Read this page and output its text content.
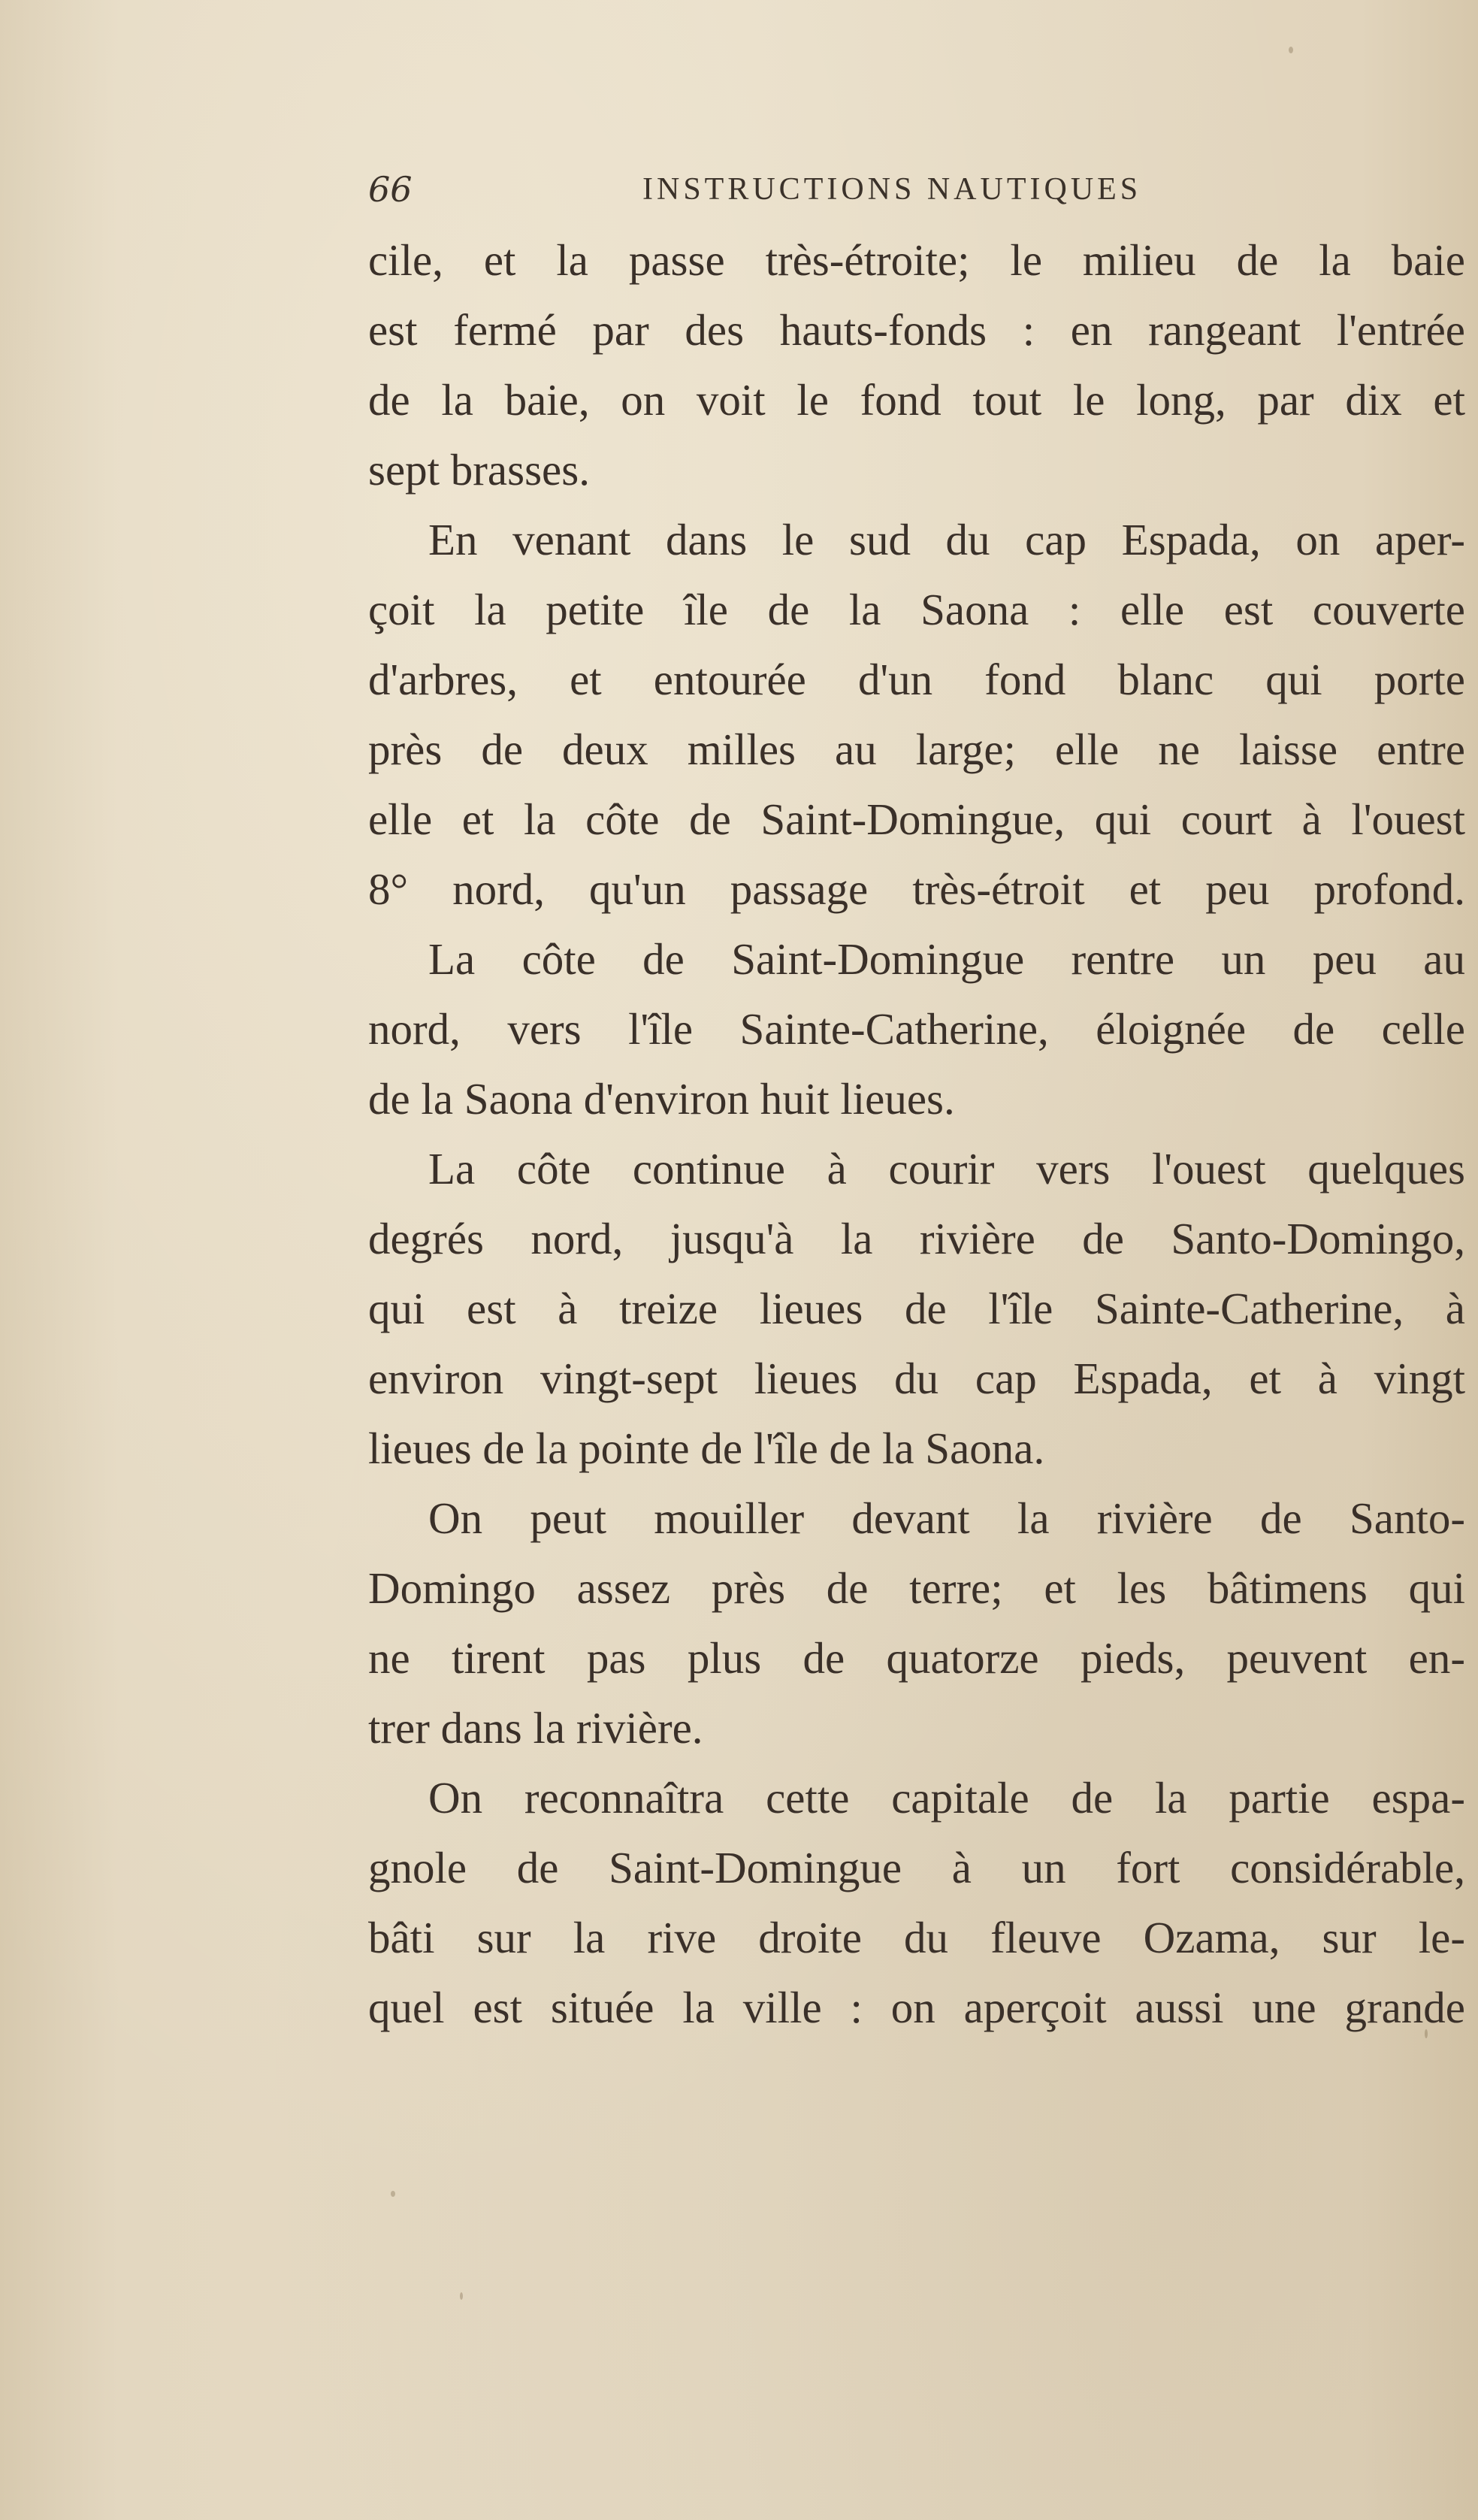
66	INSTRUCTIONS NAUTIQUES
cile, et la passe très-étroite; le milieu de la baie
est fermé par des hauts-fonds : en rangeant l'entrée
de la baie, on voit le fond tout le long, par dix et
sept brasses.
En venant dans le sud du cap Espada, on aper-
çoit la petite île de la Saona : elle est couverte
d'arbres, et entourée d'un fond blanc qui porte
près de deux milles au large; elle ne laisse entre
elle et la côte de Saint-Domingue, qui court à l'ouest
8° nord, qu'un passage très-étroit et peu profond.
La côte de Saint-Domingue rentre un peu au
nord, vers l'île Sainte-Catherine, éloignée de celle
de la Saona d'environ huit lieues.
La côte continue à courir vers l'ouest quelques
degrés nord, jusqu'à la rivière de Santo-Domingo,
qui est à treize lieues de l'île Sainte-Catherine, à
environ vingt-sept lieues du cap Espada, et à vingt
lieues de la pointe de l'île de la Saona.
On peut mouiller devant la rivière de Santo-
Domingo assez près de terre; et les bâtimens qui
ne tirent pas plus de quatorze pieds, peuvent en-
trer dans la rivière.
On reconnaîtra cette capitale de la partie espa-
gnole de Saint-Domingue à un fort considérable,
bâti sur la rive droite du fleuve Ozama, sur le-
quel est située la ville : on aperçoit aussi une grande
